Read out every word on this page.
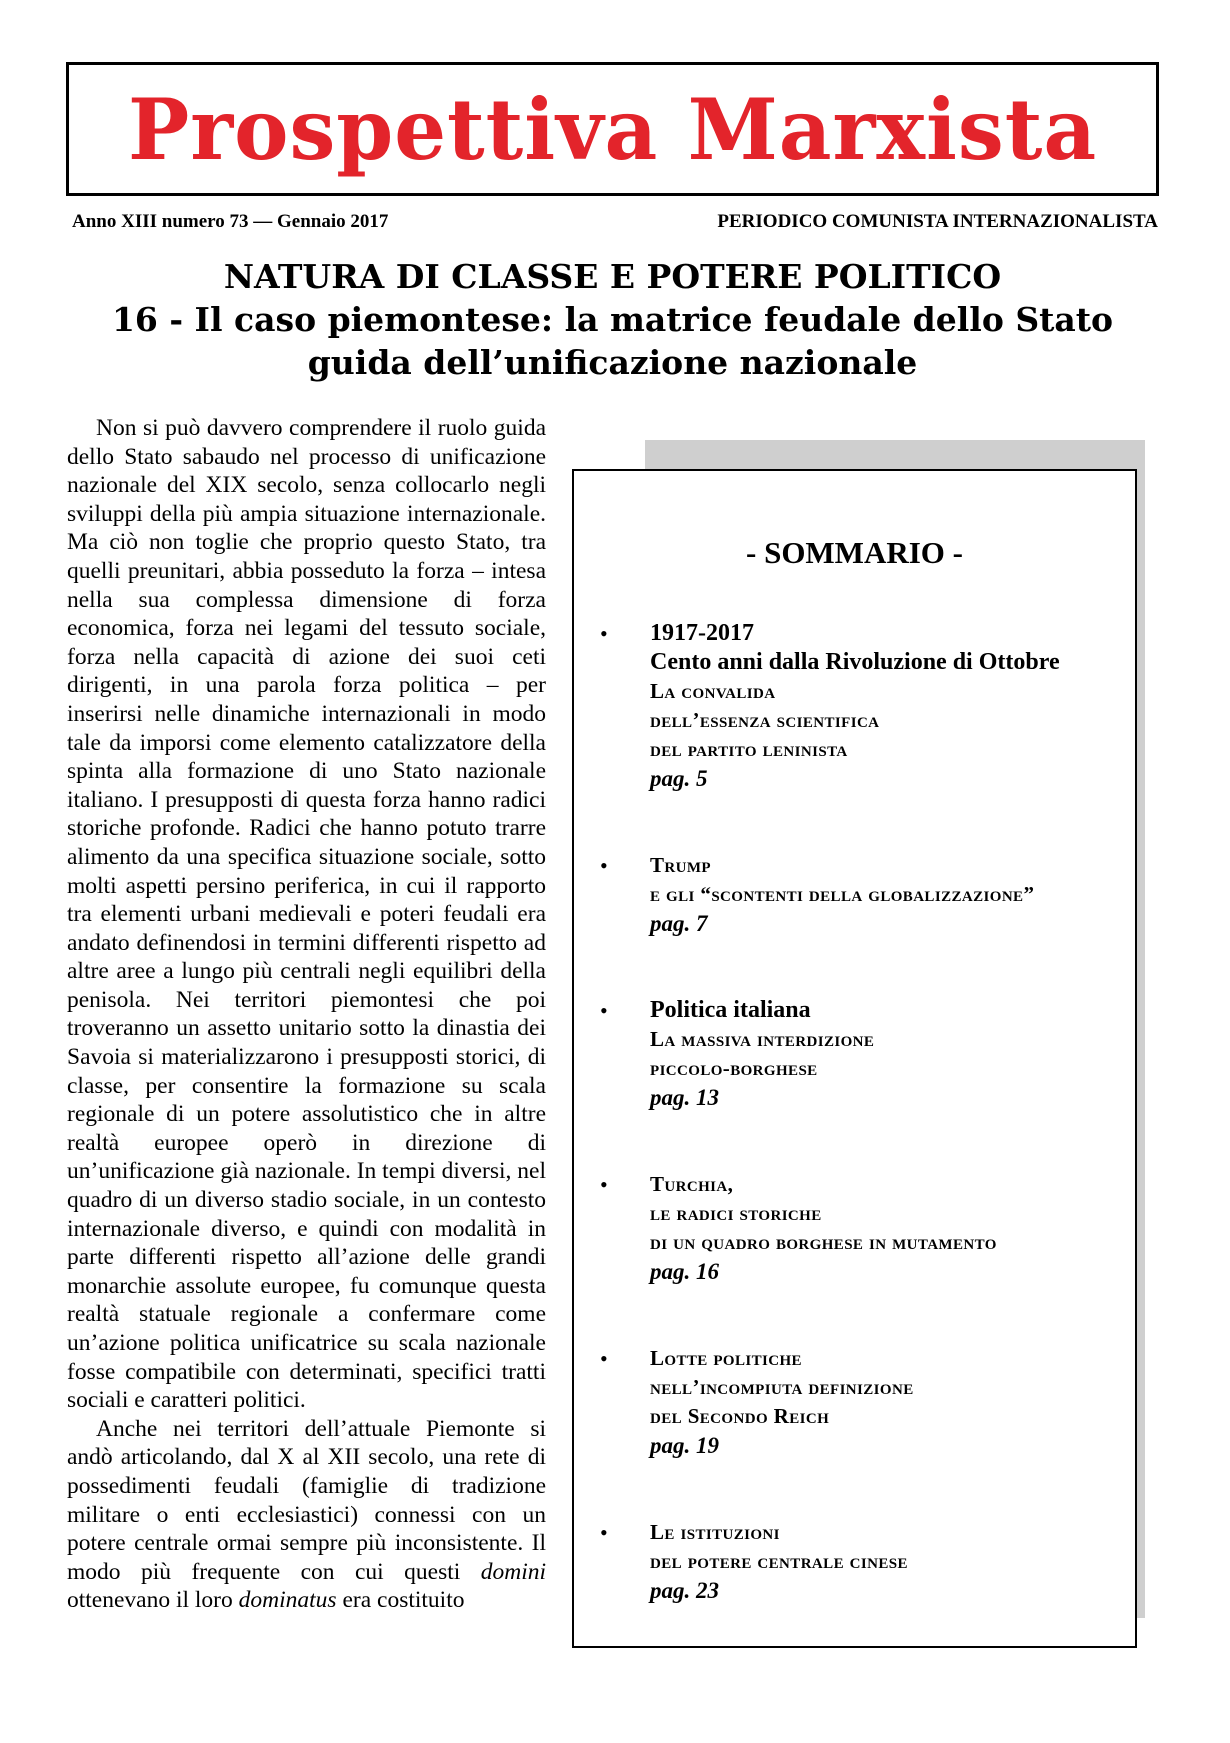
Prospettiva Marxista
Anno XIII numero 73 — Gennaio 2017	PERIODICO COMUNISTA INTERNAZIONALISTA
NATURA DI CLASSE E POTERE POLITICO
16 - Il caso piemontese: la matrice feudale dello Stato
guida dell’unificazione nazionale

Non si può davvero comprendere il ruolo guida dello Stato sabaudo nel processo di unificazione nazionale del XIX secolo, senza collocarlo negli sviluppi della più ampia situazione internazionale. Ma ciò non toglie che proprio questo Stato, tra quelli preunitari, abbia posseduto la forza – intesa nella sua complessa dimensione di forza economica, forza nei legami del tessuto sociale, forza nella capacità di azione dei suoi ceti dirigenti, in una parola forza politica – per inserirsi nelle dinamiche internazionali in modo tale da imporsi come elemento catalizzatore della spinta alla formazione di uno Stato nazionale italiano. I presupposti di questa forza hanno radici storiche profonde. Radici che hanno potuto trarre alimento da una specifica situazione sociale, sotto molti aspetti persino periferica, in cui il rapporto tra elementi urbani medievali e poteri feudali era andato definendosi in termini differenti rispetto ad altre aree a lungo più centrali negli equilibri della penisola. Nei territori piemontesi che poi troveranno un assetto unitario sotto la dinastia dei Savoia si materializzarono i presupposti storici, di classe, per consentire la formazione su scala regionale di un potere assolutistico che in altre realtà europee operò in direzione di un’unificazione già nazionale. In tempi diversi, nel quadro di un diverso stadio sociale, in un contesto internazionale diverso, e quindi con modalità in parte differenti rispetto all’azione delle grandi monarchie assolute europee, fu comunque questa realtà statuale regionale a confermare come un’azione politica unificatrice su scala nazionale fosse compatibile con determinati, specifici tratti sociali e caratteri politici.

Anche nei territori dell’attuale Piemonte si andò articolando, dal X al XII secolo, una rete di possedimenti feudali (famiglie di tradizione militare o enti ecclesiastici) connessi con un potere centrale ormai sempre più inconsistente. Il modo più frequente con cui questi domini ottenevano il loro dominatus era costituito

- SOMMARIO -
• 1917-2017
Cento anni dalla Rivoluzione di Ottobre
La convalida
dell’essenza scientifica
del partito leninista
pag. 5
• Trump
e gli “scontenti della globalizzazione”
pag. 7
• Politica italiana
La massiva interdizione
piccolo-borghese
pag. 13
• Turchia,
le radici storiche
di un quadro borghese in mutamento
pag. 16
• Lotte politiche
nell’incompiuta definizione
del Secondo Reich
pag. 19
• Le istituzioni
del potere centrale cinese
pag. 23
